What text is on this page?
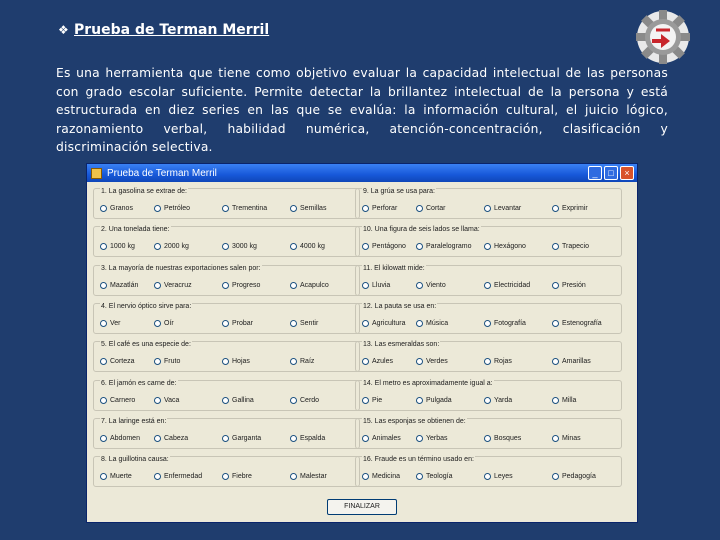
❖ Prueba de Terman Merril
Es una herramienta que tiene como objetivo evaluar la capacidad intelectual de las personas con grado escolar suficiente. Permite detectar la brillantez intelectual de la persona y está estructurada en diez series en las que se evalúa: la información cultural, el juicio lógico, razonamiento verbal, habilidad numérica, atención-concentración, clasificación y discriminación selectiva.
Prueba de Terman Merril	_	□	×
1. La gasolina se extrae de:
Granos	Petróleo	Trementina	Semillas
2. Una tonelada tiene:
1000 kg	2000 kg	3000 kg	4000 kg
3. La mayoría de nuestras exportaciones salen por:
Mazatlán	Veracruz	Progreso	Acapulco
4. El nervio óptico sirve para:
Ver	Oír	Probar	Sentir
5. El café es una especie de:
Corteza	Fruto	Hojas	Raíz
6. El jamón es carne de:
Carnero	Vaca	Gallina	Cerdo
7. La laringe está en:
Abdomen	Cabeza	Garganta	Espalda
8. La guillotina causa:
Muerte	Enfermedad	Fiebre	Malestar
9. La grúa se usa para:
Perforar	Cortar	Levantar	Exprimir
10. Una figura de seis lados se llama:
Pentágono	Paralelogramo	Hexágono	Trapecio
11. El kilowatt mide:
Lluvia	Viento	Electricidad	Presión
12. La pauta se usa en:
Agricultura	Música	Fotografía	Estenografía
13. Las esmeraldas son:
Azules	Verdes	Rojas	Amarillas
14. El metro es aproximadamente igual a:
Pie	Pulgada	Yarda	Milla
15. Las esponjas se obtienen de:
Animales	Yerbas	Bosques	Minas
16. Fraude es un término usado en:
Medicina	Teología	Leyes	Pedagogía
FINALIZAR
